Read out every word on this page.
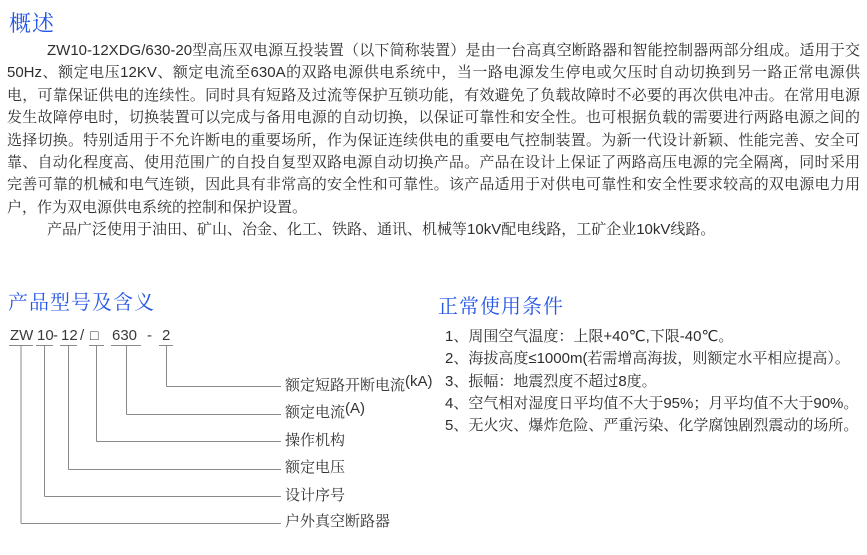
概述

ZW10-12XDG/630-20型高压双电源互投装置（以下简称装置）是由一台高真空断路器和智能控制器两部分组成。适用于交50Hz、额定电压12KV、额定电流至630A的双路电源供电系统中，当一路电源发生停电或欠压时自动切换到另一路正常电源供电，可靠保证供电的连续性。同时具有短路及过流等保护互锁功能，有效避免了负载故障时不必要的再次供电冲击。在常用电源发生故障停电时，切换装置可以完成与备用电源的自动切换，以保证可靠性和安全性。也可根据负载的需要进行两路电源之间的选择切换。特别适用于不允许断电的重要场所，作为保证连续供电的重要电气控制装置。为新一代设计新颖、性能完善、安全可靠、自动化程度高、使用范围广的自投自复型双路电源自动切换产品。产品在设计上保证了两路高压电源的完全隔离，同时采用完善可靠的机械和电气连锁，因此具有非常高的安全性和可靠性。该产品适用于对供电可靠性和安全性要求较高的双电源电力用户，作为双电源供电系统的控制和保护设置。

产品广泛使用于油田、矿山、冶金、化工、铁路、通讯、机械等10kV配电线路，工矿企业10kV线路。

产品型号及含义
ZW 10 - 12 / □ 630 - 2
额定短路开断电流(kA)
额定电流(A)
操作机构
额定电压
设计序号
户外真空断路器
正常使用条件
1、周围空气温度：上限+40℃,下限-40℃。
2、海拔高度≤1000m(若需增高海拔，则额定水平相应提高）。
3、振幅：地震烈度不超过8度。
4、空气相对湿度日平均值不大于95%；月平均值不大于90%。
5、无火灾、爆炸危险、严重污染、化学腐蚀剧烈震动的场所。
